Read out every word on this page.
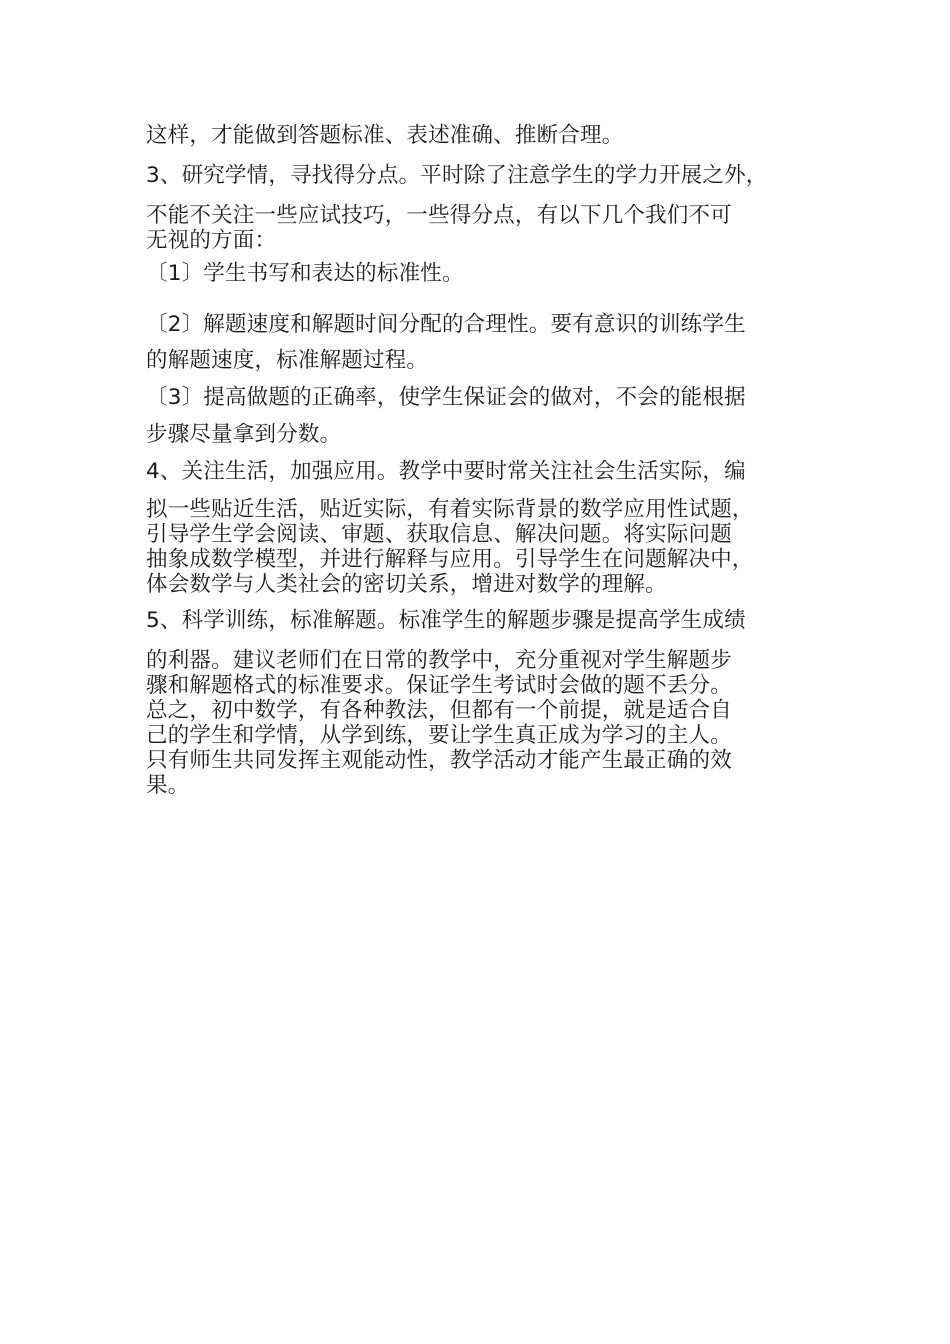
这样，才能做到答题标准、表述准确、推断合理。
3、研究学情，寻找得分点。平时除了注意学生的学力开展之外，
不能不关注一些应试技巧，一些得分点，有以下几个我们不可
无视的方面：
〔1〕学生书写和表达的标准性。
〔2〕解题速度和解题时间分配的合理性。要有意识的训练学生
的解题速度，标准解题过程。
〔3〕提高做题的正确率，使学生保证会的做对，不会的能根据
步骤尽量拿到分数。
4、关注生活，加强应用。教学中要时常关注社会生活实际，编
拟一些贴近生活，贴近实际，有着实际背景的数学应用性试题，
引导学生学会阅读、审题、获取信息、解决问题。将实际问题
抽象成数学模型，并进行解释与应用。引导学生在问题解决中，
体会数学与人类社会的密切关系，增进对数学的理解。
5、科学训练，标准解题。标准学生的解题步骤是提高学生成绩
的利器。建议老师们在日常的教学中，充分重视对学生解题步
骤和解题格式的标准要求。保证学生考试时会做的题不丢分。
总之，初中数学，有各种教法，但都有一个前提，就是适合自
己的学生和学情，从学到练，要让学生真正成为学习的主人。
只有师生共同发挥主观能动性，教学活动才能产生最正确的效
果。
